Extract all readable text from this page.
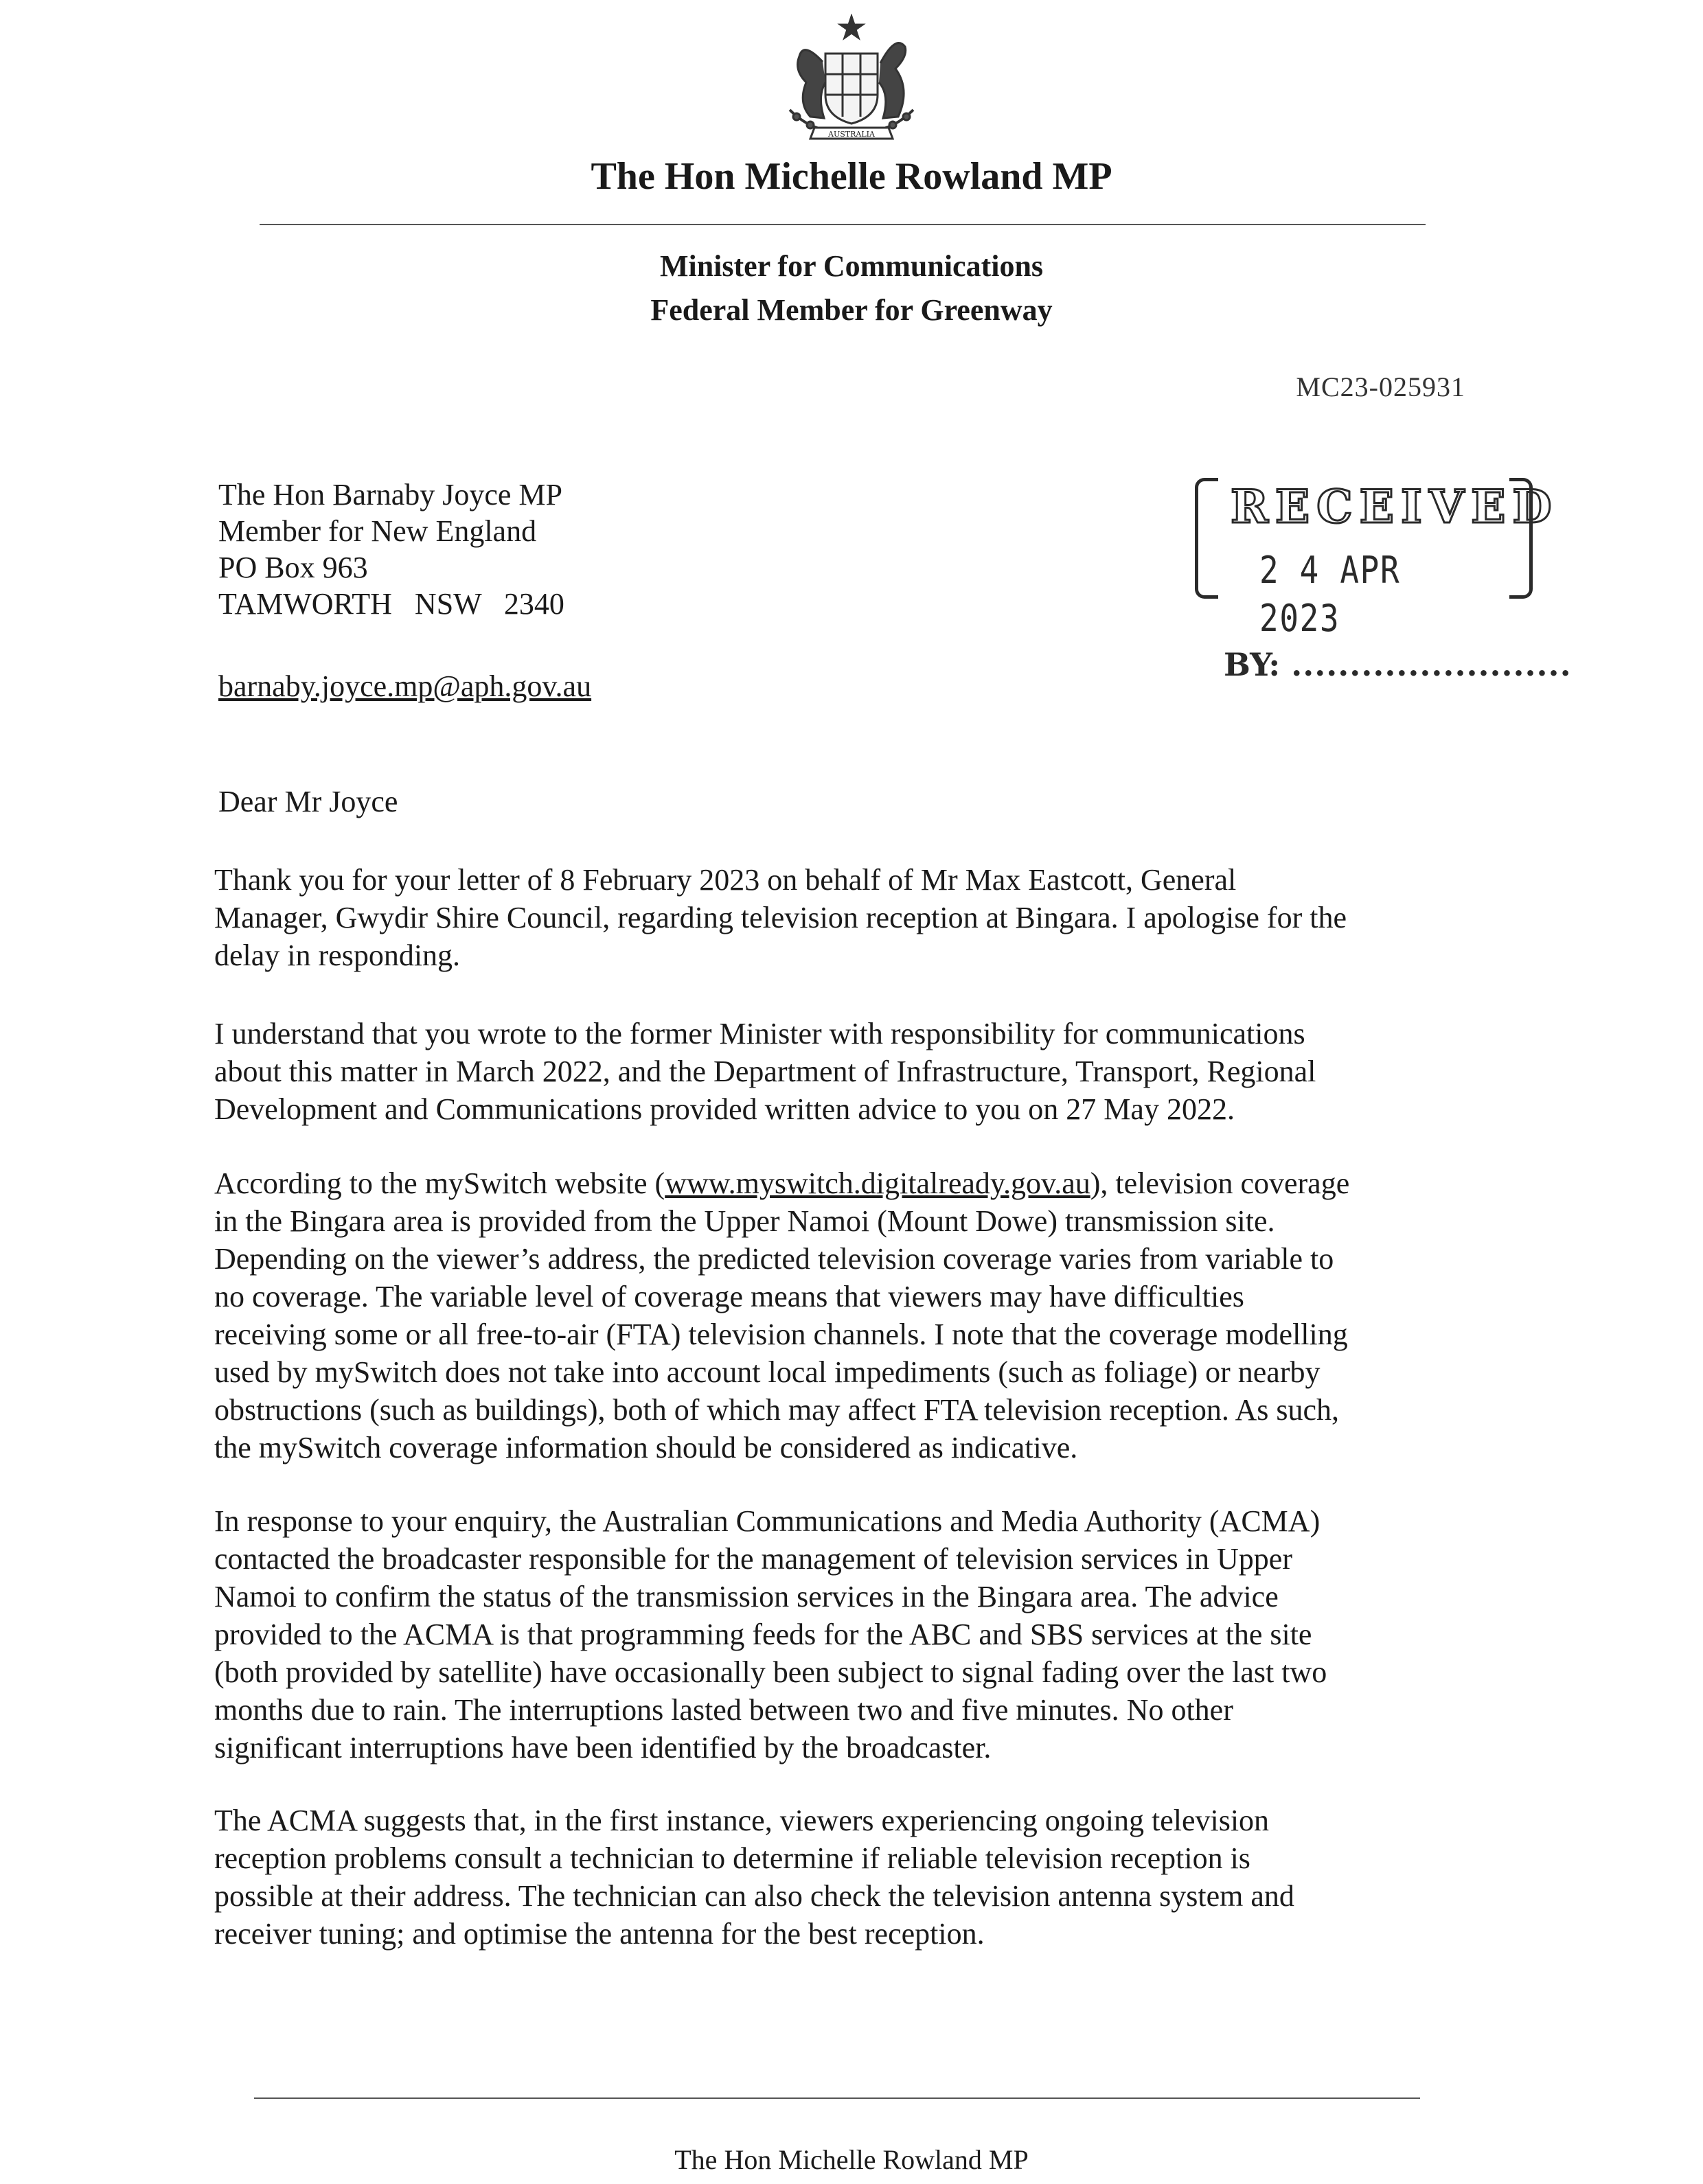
AUSTRALIA
The Hon Michelle Rowland MP
Minister for Communications
Federal Member for Greenway
MC23-025931
The Hon Barnaby Joyce MP
Member for New England
PO Box 963
TAMWORTH   NSW   2340
barnaby.joyce.mp@aph.gov.au
RECEIVED
2 4 APR 2023
BY: ........................
Dear Mr Joyce
Thank you for your letter of 8 February 2023 on behalf of Mr Max Eastcott, General
Manager, Gwydir Shire Council, regarding television reception at Bingara. I apologise for the
delay in responding.
I understand that you wrote to the former Minister with responsibility for communications
about this matter in March 2022, and the Department of Infrastructure, Transport, Regional
Development and Communications provided written advice to you on 27 May 2022.
According to the mySwitch website (www.myswitch.digitalready.gov.au), television coverage
in the Bingara area is provided from the Upper Namoi (Mount Dowe) transmission site.
Depending on the viewer’s address, the predicted television coverage varies from variable to
no coverage. The variable level of coverage means that viewers may have difficulties
receiving some or all free-to-air (FTA) television channels. I note that the coverage modelling
used by mySwitch does not take into account local impediments (such as foliage) or nearby
obstructions (such as buildings), both of which may affect FTA television reception. As such,
the mySwitch coverage information should be considered as indicative.
In response to your enquiry, the Australian Communications and Media Authority (ACMA)
contacted the broadcaster responsible for the management of television services in Upper
Namoi to confirm the status of the transmission services in the Bingara area. The advice
provided to the ACMA is that programming feeds for the ABC and SBS services at the site
(both provided by satellite) have occasionally been subject to signal fading over the last two
months due to rain. The interruptions lasted between two and five minutes. No other
significant interruptions have been identified by the broadcaster.
The ACMA suggests that, in the first instance, viewers experiencing ongoing television
reception problems consult a technician to determine if reliable television reception is
possible at their address. The technician can also check the television antenna system and
receiver tuning; and optimise the antenna for the best reception.
The Hon Michelle Rowland MP
